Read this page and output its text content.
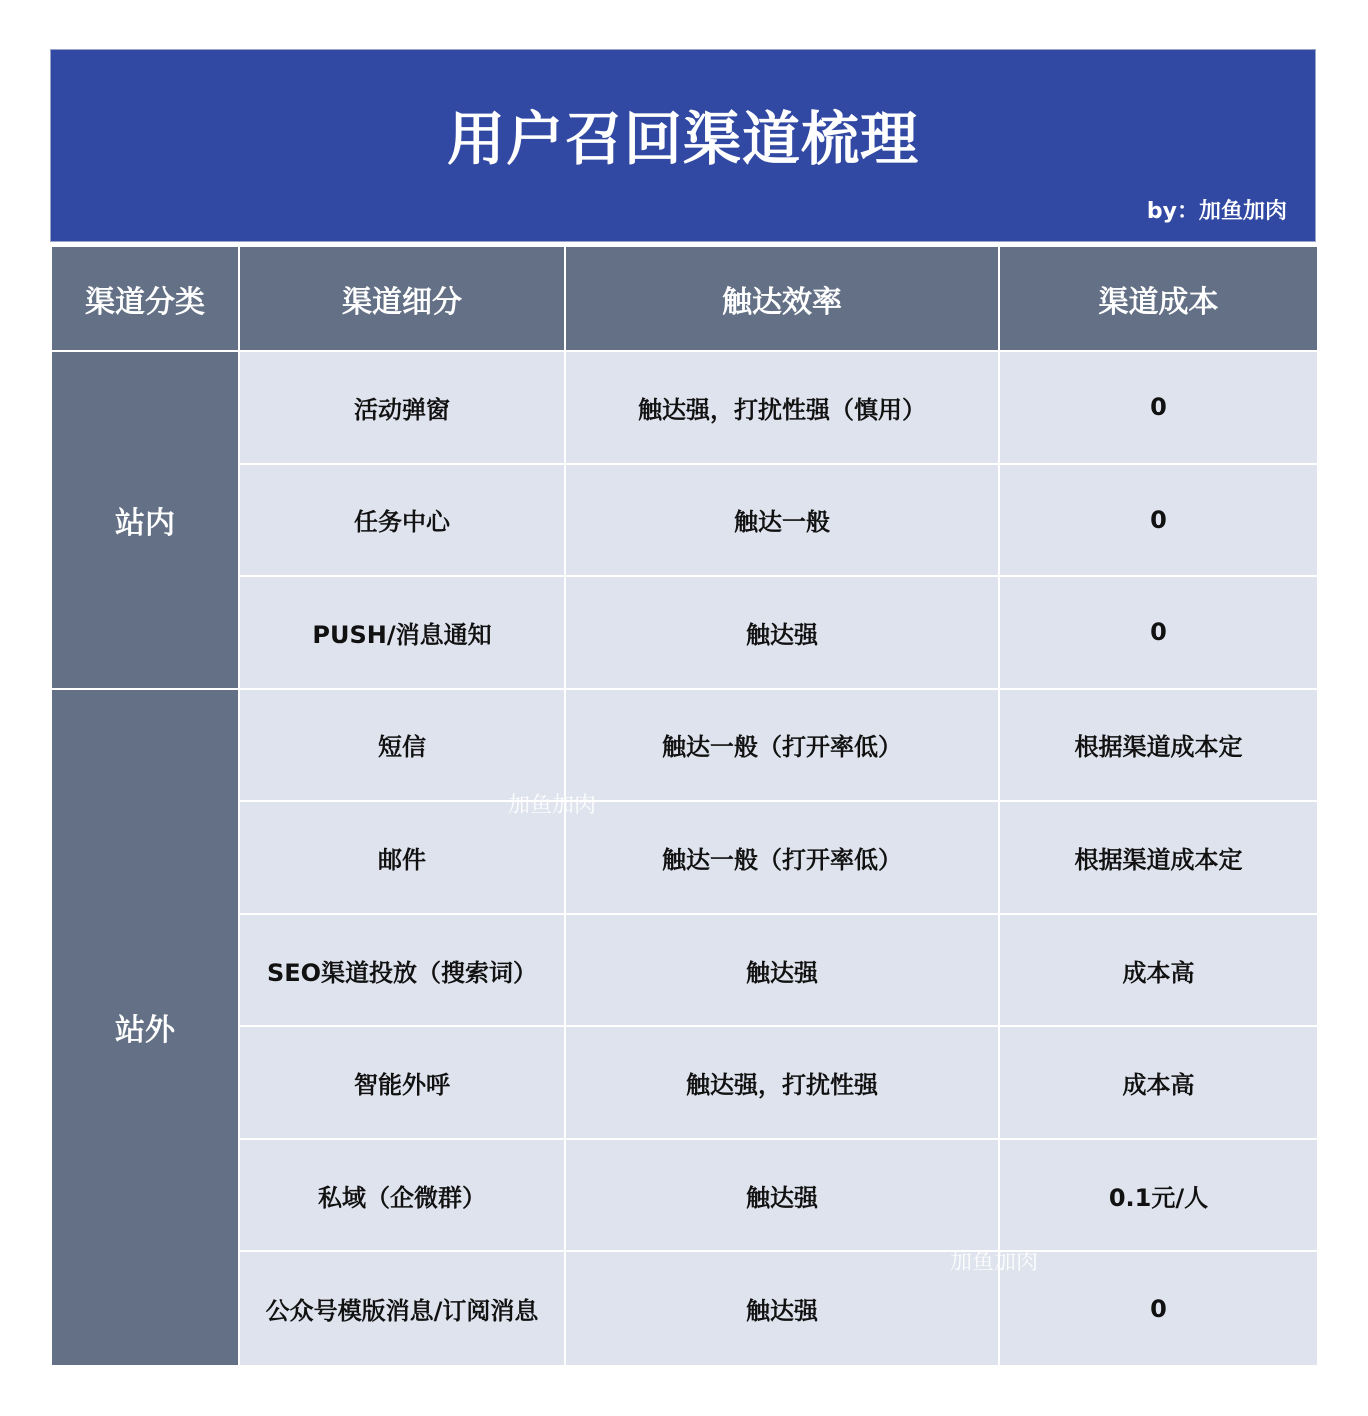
用户召回渠道梳理
by：加鱼加肉
渠道分类	渠道细分	触达效率	渠道成本
站内
活动弹窗	触达强，打扰性强（慎用）	0
任务中心	触达一般	0
PUSH/消息通知	触达强	0
站外
短信	触达一般（打开率低）	根据渠道成本定
邮件	触达一般（打开率低）	根据渠道成本定
SEO渠道投放（搜索词）	触达强	成本高
智能外呼	触达强，打扰性强	成本高
私域（企微群）	触达强	0.1元/人
公众号模版消息/订阅消息	触达强	0
加鱼加肉
加鱼加肉
